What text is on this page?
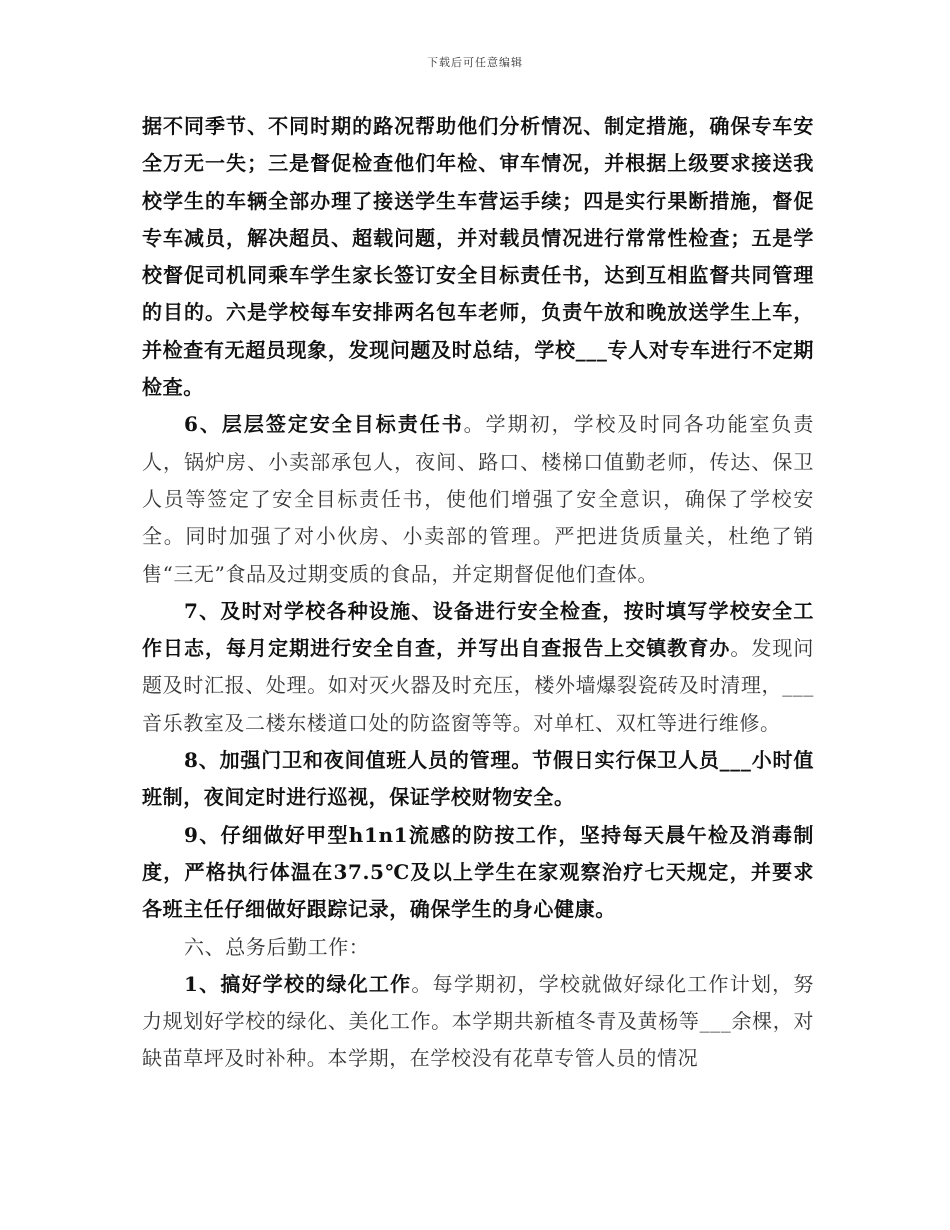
下载后可任意编辑

据不同季节、不同时期的路况帮助他们分析情况、制定措施，确保专车安全万无一失；三是督促检查他们年检、审车情况，并根据上级要求接送我校学生的车辆全部办理了接送学生车营运手续；四是实行果断措施，督促专车减员，解决超员、超载问题，并对载员情况进行常常性检查；五是学校督促司机同乘车学生家长签订安全目标责任书，达到互相监督共同管理的目的。六是学校每车安排两名包车老师，负责午放和晚放送学生上车，并检查有无超员现象，发现问题及时总结，学校___专人对专车进行不定期检查。

6、层层签定安全目标责任书。学期初，学校及时同各功能室负责人，锅炉房、小卖部承包人，夜间、路口、楼梯口值勤老师，传达、保卫人员等签定了安全目标责任书，使他们增强了安全意识，确保了学校安全。同时加强了对小伙房、小卖部的管理。严把进货质量关，杜绝了销售“三无”食品及过期变质的食品，并定期督促他们查体。

7、及时对学校各种设施、设备进行安全检查，按时填写学校安全工作日志，每月定期进行安全自查，并写出自查报告上交镇教育办。发现问题及时汇报、处理。如对灭火器及时充压，楼外墙爆裂瓷砖及时清理，___音乐教室及二楼东楼道口处的防盗窗等等。对单杠、双杠等进行维修。

8、加强门卫和夜间值班人员的管理。节假日实行保卫人员___小时值班制，夜间定时进行巡视，保证学校财物安全。

9、仔细做好甲型h1n1流感的防按工作，坚持每天晨午检及消毒制度，严格执行体温在37.5℃及以上学生在家观察治疗七天规定，并要求各班主任仔细做好跟踪记录，确保学生的身心健康。

六、总务后勤工作：

1、搞好学校的绿化工作。每学期初，学校就做好绿化工作计划，努力规划好学校的绿化、美化工作。本学期共新植冬青及黄杨等___余棵，对缺苗草坪及时补种。本学期，在学校没有花草专管人员的情况
